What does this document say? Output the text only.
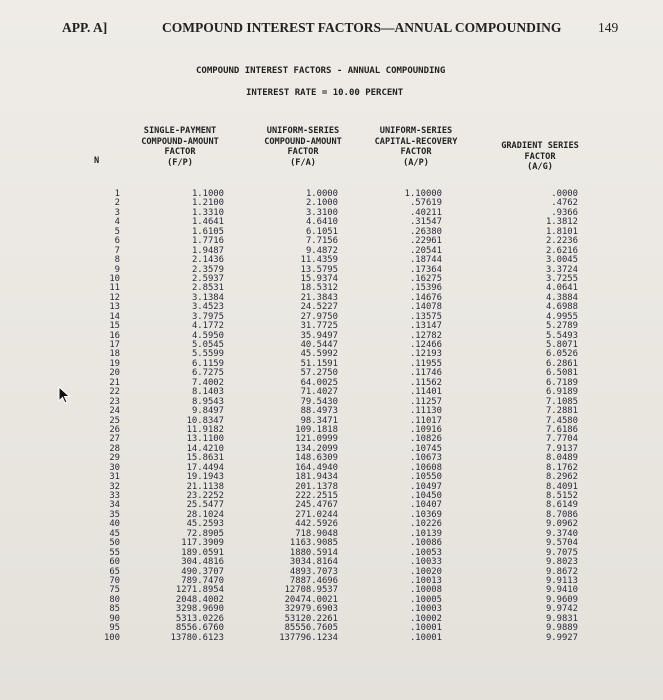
APP. A]	COMPOUND INTEREST FACTORS—ANNUAL COMPOUNDING	149
COMPOUND INTEREST FACTORS - ANNUAL COMPOUNDING
INTEREST RATE = 10.00 PERCENT
N
SINGLE-PAYMENT
COMPOUND-AMOUNT
FACTOR
(F/P)
UNIFORM-SERIES
COMPOUND-AMOUNT
FACTOR
(F/A)
UNIFORM-SERIES
CAPITAL-RECOVERY
FACTOR
(A/P)
GRADIENT SERIES
FACTOR
(A/G)
1
2
3
4
5
6
7
8
9
10
11
12
13
14
15
16
17
18
19
20
21
22
23
24
25
26
27
28
29
30
31
32
33
34
35
40
45
50
55
60
65
70
75
80
85
90
95
100
1.1000
1.2100
1.3310
1.4641
1.6105
1.7716
1.9487
2.1436
2.3579
2.5937
2.8531
3.1384
3.4523
3.7975
4.1772
4.5950
5.0545
5.5599
6.1159
6.7275
7.4002
8.1403
8.9543
9.8497
10.8347
11.9182
13.1100
14.4210
15.8631
17.4494
19.1943
21.1138
23.2252
25.5477
28.1024
45.2593
72.8905
117.3909
189.0591
304.4816
490.3707
789.7470
1271.8954
2048.4002
3298.9690
5313.0226
8556.6760
13780.6123
1.0000
2.1000
3.3100
4.6410
6.1051
7.7156
9.4872
11.4359
13.5795
15.9374
18.5312
21.3843
24.5227
27.9750
31.7725
35.9497
40.5447
45.5992
51.1591
57.2750
64.0025
71.4027
79.5430
88.4973
98.3471
109.1818
121.0999
134.2099
148.6309
164.4940
181.9434
201.1378
222.2515
245.4767
271.0244
442.5926
718.9048
1163.9085
1880.5914
3034.8164
4893.7073
7887.4696
12708.9537
20474.0021
32979.6903
53120.2261
85556.7605
137796.1234
1.10000
.57619
.40211
.31547
.26380
.22961
.20541
.18744
.17364
.16275
.15396
.14676
.14078
.13575
.13147
.12782
.12466
.12193
.11955
.11746
.11562
.11401
.11257
.11130
.11017
.10916
.10826
.10745
.10673
.10608
.10550
.10497
.10450
.10407
.10369
.10226
.10139
.10086
.10053
.10033
.10020
.10013
.10008
.10005
.10003
.10002
.10001
.10001
.0000
.4762
.9366
1.3812
1.8101
2.2236
2.6216
3.0045
3.3724
3.7255
4.0641
4.3884
4.6988
4.9955
5.2789
5.5493
5.8071
6.0526
6.2861
6.5081
6.7189
6.9189
7.1085
7.2881
7.4580
7.6186
7.7704
7.9137
8.0489
8.1762
8.2962
8.4091
8.5152
8.6149
8.7086
9.0962
9.3740
9.5704
9.7075
9.8023
9.8672
9.9113
9.9410
9.9609
9.9742
9.9831
9.9889
9.9927
